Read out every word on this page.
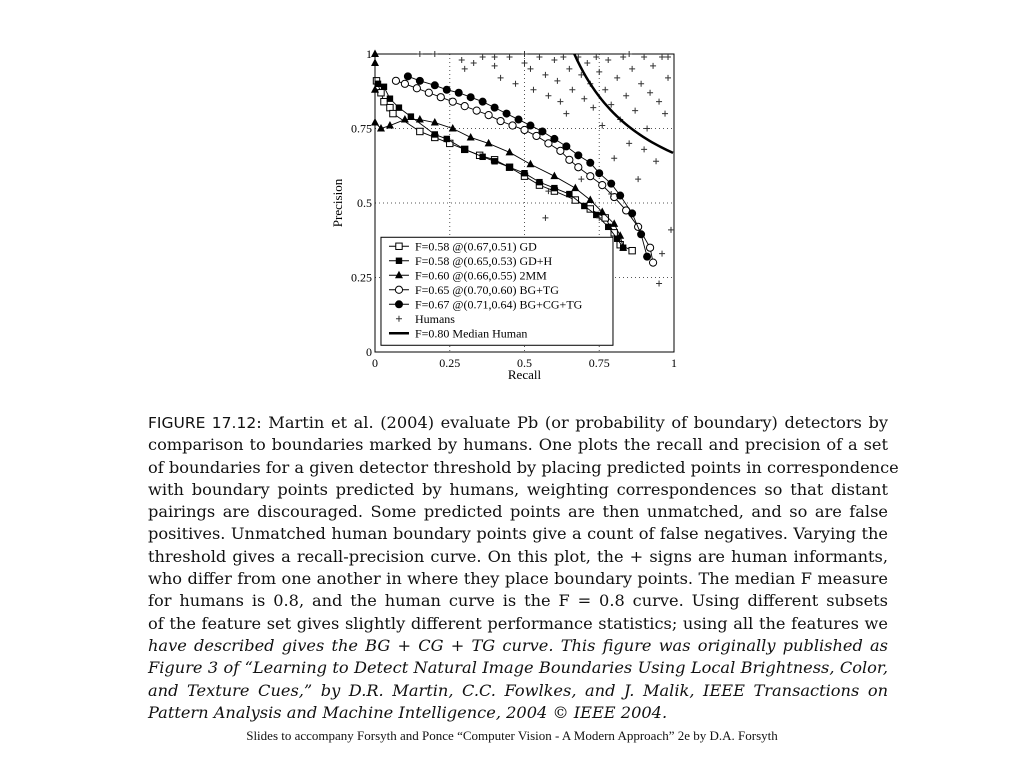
0	0.25	0.5	0.75	1
0
0.25
0.5
0.75
1
Recall
Precision
F=0.58 @(0.67,0.51) GD
F=0.58 @(0.65,0.53) GD+H
F=0.60 @(0.66,0.55) 2MM
F=0.65 @(0.70,0.60) BG+TG
F=0.67 @(0.71,0.64) BG+CG+TG
Humans
F=0.80 Median Human
FIGURE 17.12: Martin et al. (2004) evaluate Pb (or probability of boundary) detectors by
comparison to boundaries marked by humans. One plots the recall and precision of a set
of boundaries for a given detector threshold by placing predicted points in correspondence
with boundary points predicted by humans, weighting correspondences so that distant
pairings are discouraged. Some predicted points are then unmatched, and so are false
positives. Unmatched human boundary points give a count of false negatives. Varying the
threshold gives a recall-precision curve. On this plot, the + signs are human informants,
who differ from one another in where they place boundary points. The median F measure
for humans is 0.8, and the human curve is the F = 0.8 curve. Using different subsets
of the feature set gives slightly different performance statistics; using all the features we
have described gives the BG + CG + TG curve. This figure was originally published as
Figure 3 of “Learning to Detect Natural Image Boundaries Using Local Brightness, Color,
and Texture Cues,” by D.R. Martin, C.C. Fowlkes, and J. Malik, IEEE Transactions on
Pattern Analysis and Machine Intelligence, 2004 © IEEE 2004.
Slides to accompany Forsyth and Ponce “Computer Vision - A Modern Approach” 2e by D.A. Forsyth
